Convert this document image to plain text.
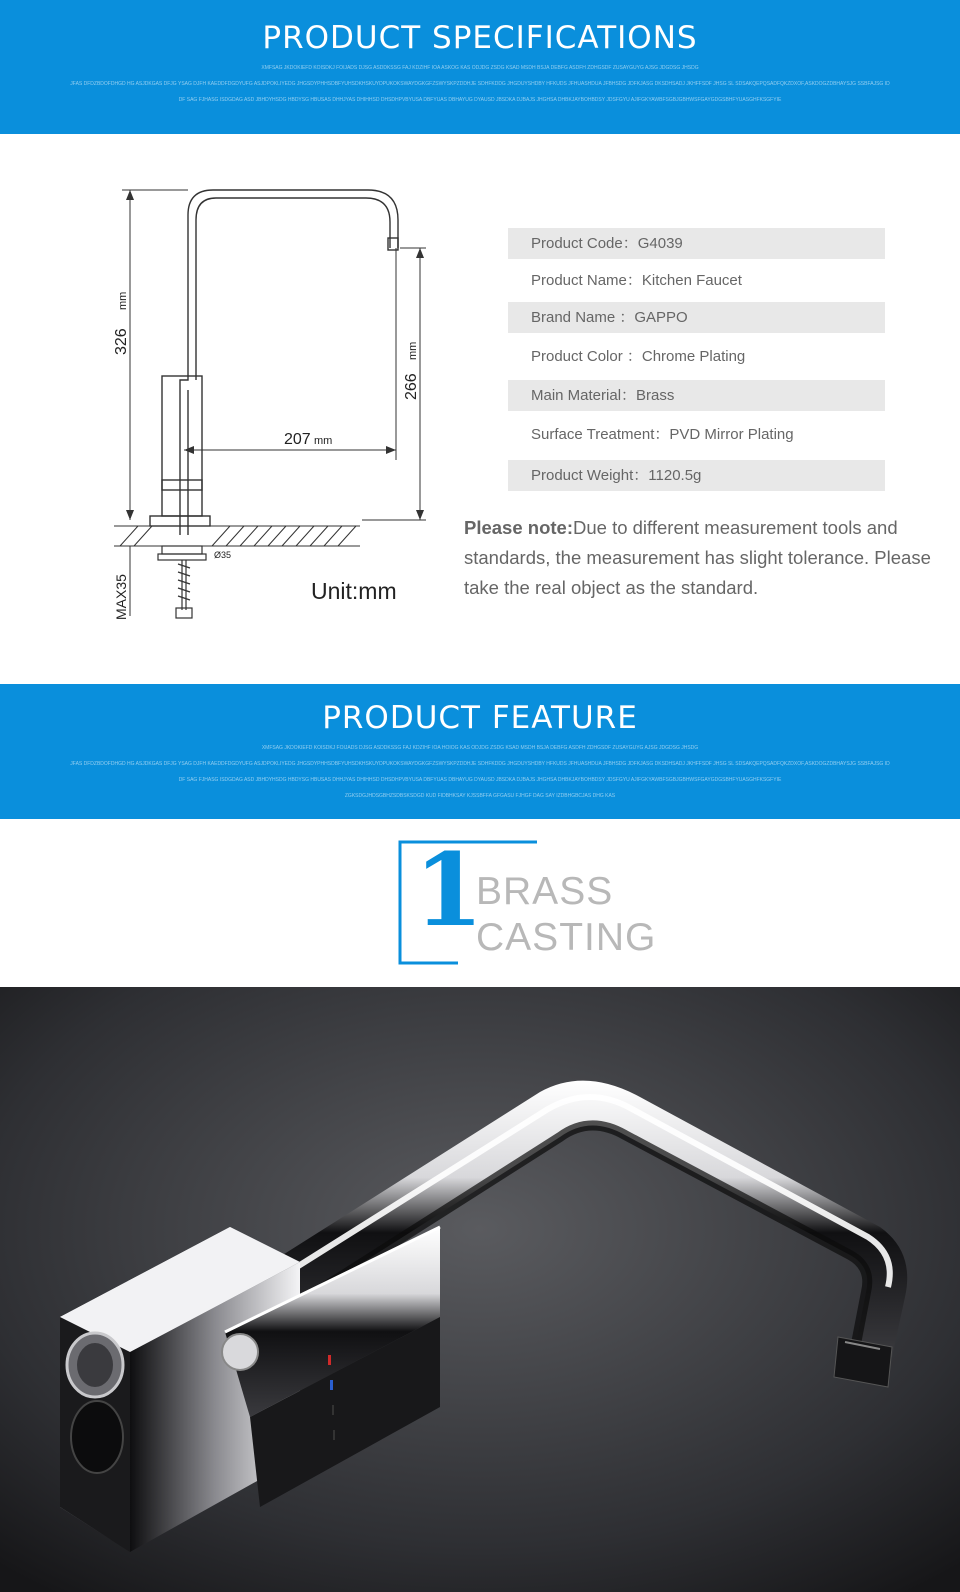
PRODUCT SPECIFICATIONS
XMFSAG JKDOKIEFD KOISDKJ FOIJADS DJSG ASDDKSSG FAJ KDZIHF IOA ASKOG KAS ODJDG ZSDG KSAD MSDH BSJA DEBFG ASDFH ZDHGSDF ZUSAYGUYG AJSG JDGDSG JHSDG
JFAS DFDZBDOFDHGD HG ASJDKGAS DFJG YSAG DJFH KAEDDFDGDYUFG ASJDPOKLIYEDG JHGSDYPHHSDBFYUHSDKHSKUYDPUKOKSWAYDGKGFZSWYSKPZDDHJE SDHFKDDG JHGDUYSHDBY HFKUDS JFHUASHDUA JFBHSDG JDFKJASG DKSDHSADJ JKHFFSDF JHSG SL SDSAKQEPQSADFQKZDXOF,ASKDOGZDBHAYSJG SSBFAJSG ID
DF SAG FJHASG ISDGDAG ASD JBHDYHSDG HBDYSG HBUSAS DHHJYAS DHIHHSD DHSDHPVBYUSA DBFYUAS DBHAYUG DYAUSD JBSDKA DJBAJS JHGHSA DHBKJAYBOHBDSY JDSFGYU AJIFGKYAWBFSGBJGBHWSFGAYGDGSBHFYUASGHFKSGFYIE
326
mm
266
mm
207 mm
Ø35
MAX35
Product Code：G4039
Product Name：Kitchen Faucet
Brand Name ：GAPPO
Product Color ：Chrome Plating
Main Material：Brass
Surface Treatment：PVD Mirror Plating
Product Weight：1120.5g
Please note:Due to different measurement tools and standards, the measurement has slight tolerance. Please take the real object as the standard.
Unit:mm
PRODUCT FEATURE
XMFSAG JKDOKIEFD KOISDKJ FOIJADS DJSG ASDDKSSG FAJ KDZIHF IOA HOIOG KAS ODJDG ZSDG KSAD MSDH BSJA DEBFG ASDFH ZDHGSDF ZUSAYGUYG AJSG JDGDSG JHSDG
JFAS DFDZBDOFDHGD HG ASJDKGAS DFJG YSAG DJFH KAEDDFDGDYUFG ASJDPOKLIYEDG JHGSDYPHHSDBFYUHSDKHSKUYDPUKOKSWAYDGKGFZSWYSKPZDDHJE SDHFKDDG JHGDUYSHDBY HFKUDS JFHUASHDUA JFBHSDG JDFKJASG DKSDHSADJ JKHFFSDF JHSG SL SDSAKQEPQSADFQKZDXOF,ASKDOGZDBHAYSJG SSBFAJSG ID
DF SAG FJHASG ISDGDAG ASD JBHDYHSDG HBDYSG HBUSAS DHHJYAS DHIHHSD DHSDHPVBYUSA DBFYUAS DBHAYUG DYAUSD JBSDKA DJBAJS JHGHSA DHBKJAYBOHBDSY JDSFGYU AJIFGKYAWBFSGBJGBHWSFGAYGDGSBHFYUASGHFKSGFYIE
ZGKSDGJHDSGBHZSDBSKSDGD KUD FIDBHKSAY KJSSBFFA GFGASU FJHGF DAG SAY IZDBHGBCJAS DHG KAS
1
BRASS
CASTING
